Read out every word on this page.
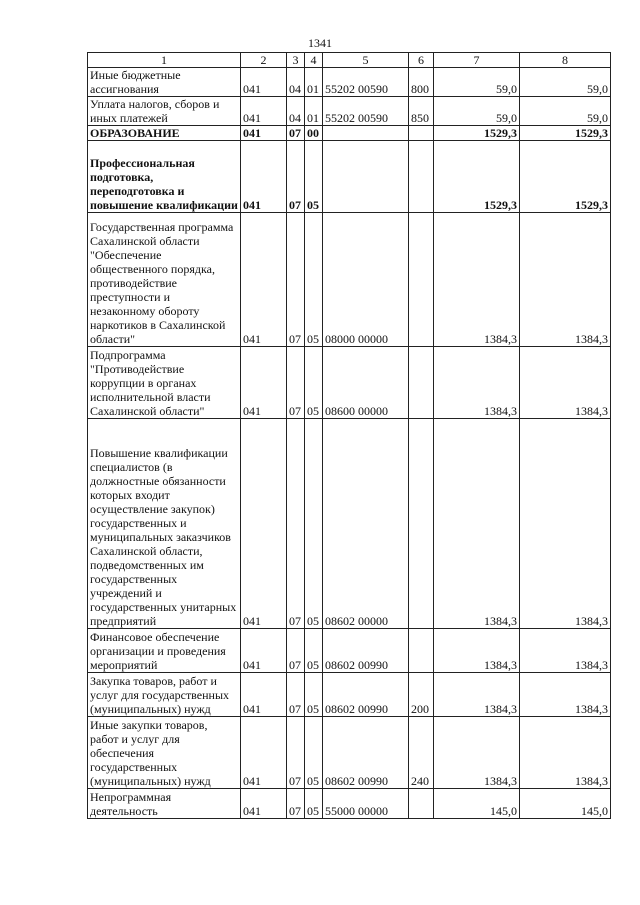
1341
1	2	3	4	5	6	7	8
Иные бюджетные ассигнования	041	04	01	55202 00590	800	59,0	59,0
Уплата налогов, сборов и иных платежей	041	04	01	55202 00590	850	59,0	59,0
ОБРАЗОВАНИЕ	041	07	00			1529,3	1529,3
Профессиональная подготовка, переподготовка и повышение квалификации	041	07	05			1529,3	1529,3
Государственная программа Сахалинской области "Обеспечение общественного порядка, противодействие преступности и незаконному обороту наркотиков в Сахалинской области"	041	07	05	08000 00000		1384,3	1384,3
Подпрограмма "Противодействие коррупции в органах исполнительной власти Сахалинской области"	041	07	05	08600 00000		1384,3	1384,3
Повышение квалификации специалистов (в должностные обязанности которых входит осуществление закупок) государственных и муниципальных заказчиков Сахалинской области, подведомственных им государственных учреждений и государственных унитарных предприятий	041	07	05	08602 00000		1384,3	1384,3
Финансовое обеспечение организации и проведения мероприятий	041	07	05	08602 00990		1384,3	1384,3
Закупка товаров, работ и услуг для государственных (муниципальных) нужд	041	07	05	08602 00990	200	1384,3	1384,3
Иные закупки товаров, работ и услуг для обеспечения государственных (муниципальных) нужд	041	07	05	08602 00990	240	1384,3	1384,3
Непрограммная деятельность	041	07	05	55000 00000		145,0	145,0
